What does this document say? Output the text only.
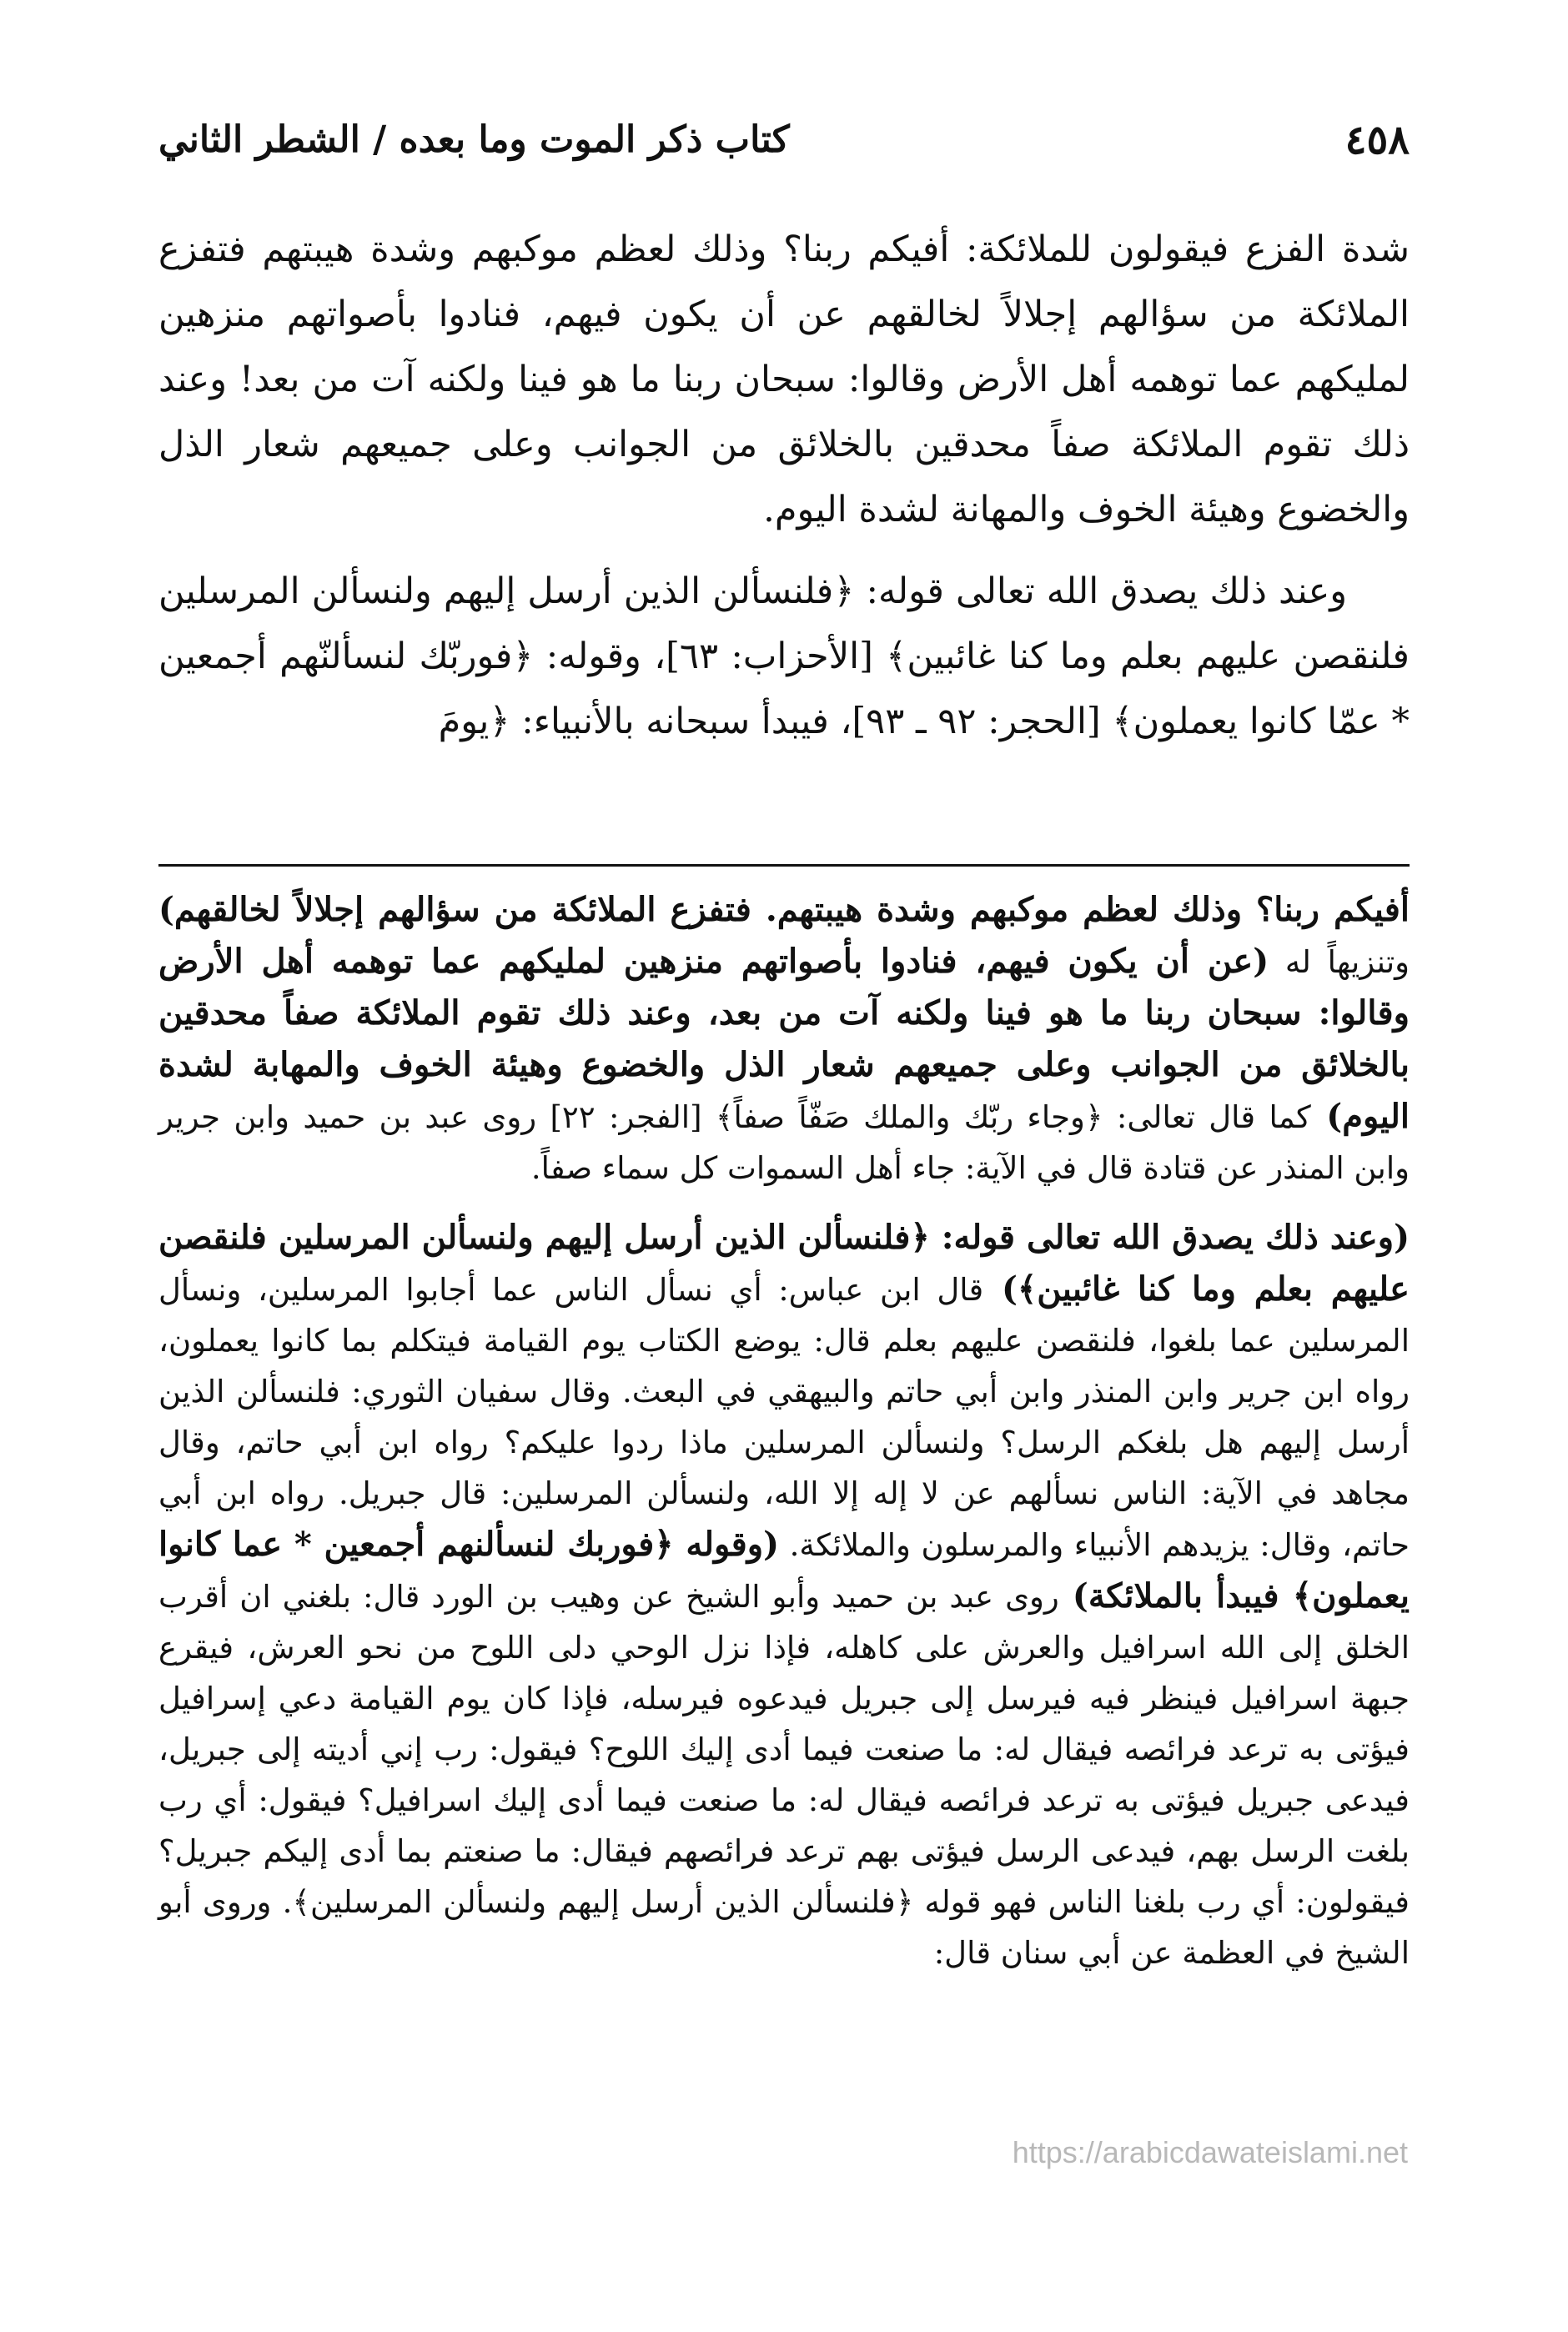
٤٥٨
كتاب ذكر الموت وما بعده / الشطر الثاني

شدة الفزع فيقولون للملائكة: أفيكم ربنا؟ وذلك لعظم موكبهم وشدة هيبتهم فتفزع الملائكة من سؤالهم إجلالاً لخالقهم عن أن يكون فيهم، فنادوا بأصواتهم منزهين لمليكهم عما توهمه أهل الأرض وقالوا: سبحان ربنا ما هو فينا ولكنه آت من بعد! وعند ذلك تقوم الملائكة صفاً محدقين بالخلائق من الجوانب وعلى جميعهم شعار الذل والخضوع وهيئة الخوف والمهانة لشدة اليوم.

وعند ذلك يصدق الله تعالى قوله: ﴿فلنسألن الذين أرسل إليهم ولنسألن المرسلين فلنقصن عليهم بعلم وما كنا غائبين﴾ [الأحزاب: ٦٣]، وقوله: ﴿فوربّك لنسألنّهم أجمعين * عمّا كانوا يعملون﴾ [الحجر: ٩٢ ـ ٩٣]، فيبدأ سبحانه بالأنبياء: ﴿يومَ

أفيكم ربنا؟ وذلك لعظم موكبهم وشدة هيبتهم. فتفزع الملائكة من سؤالهم إجلالاً لخالقهم) وتنزيهاً له (عن أن يكون فيهم، فنادوا بأصواتهم منزهين لمليكهم عما توهمه أهل الأرض وقالوا: سبحان ربنا ما هو فينا ولكنه آت من بعد، وعند ذلك تقوم الملائكة صفاً محدقين بالخلائق من الجوانب وعلى جميعهم شعار الذل والخضوع وهيئة الخوف والمهابة لشدة اليوم) كما قال تعالى: ﴿وجاء ربّك والملك صَفّاً صفاً﴾ [الفجر: ٢٢] روى عبد بن حميد وابن جرير وابن المنذر عن قتادة قال في الآية: جاء أهل السموات كل سماء صفاً.

(وعند ذلك يصدق الله تعالى قوله: ﴿فلنسألن الذين أرسل إليهم ولنسألن المرسلين فلنقصن عليهم بعلم وما كنا غائبين﴾) قال ابن عباس: أي نسأل الناس عما أجابوا المرسلين، ونسأل المرسلين عما بلغوا، فلنقصن عليهم بعلم قال: يوضع الكتاب يوم القيامة فيتكلم بما كانوا يعملون، رواه ابن جرير وابن المنذر وابن أبي حاتم والبيهقي في البعث. وقال سفيان الثوري: فلنسألن الذين أرسل إليهم هل بلغكم الرسل؟ ولنسألن المرسلين ماذا ردوا عليكم؟ رواه ابن أبي حاتم، وقال مجاهد في الآية: الناس نسألهم عن لا إله إلا الله، ولنسألن المرسلين: قال جبريل. رواه ابن أبي حاتم، وقال: يزيدهم الأنبياء والمرسلون والملائكة. (وقوله ﴿فوربك لنسألنهم أجمعين * عما كانوا يعملون﴾ فيبدأ بالملائكة) روى عبد بن حميد وأبو الشيخ عن وهيب بن الورد قال: بلغني ان أقرب الخلق إلى الله اسرافيل والعرش على كاهله، فإذا نزل الوحي دلى اللوح من نحو العرش، فيقرع جبهة اسرافيل فينظر فيه فيرسل إلى جبريل فيدعوه فيرسله، فإذا كان يوم القيامة دعي إسرافيل فيؤتى به ترعد فرائصه فيقال له: ما صنعت فيما أدى إليك اللوح؟ فيقول: رب إني أديته إلى جبريل، فيدعى جبريل فيؤتى به ترعد فرائصه فيقال له: ما صنعت فيما أدى إليك اسرافيل؟ فيقول: أي رب بلغت الرسل بهم، فيدعى الرسل فيؤتى بهم ترعد فرائصهم فيقال: ما صنعتم بما أدى إليكم جبريل؟ فيقولون: أي رب بلغنا الناس فهو قوله ﴿فلنسألن الذين أرسل إليهم ولنسألن المرسلين﴾. وروى أبو الشيخ في العظمة عن أبي سنان قال:

https://arabicdawateislami.net
